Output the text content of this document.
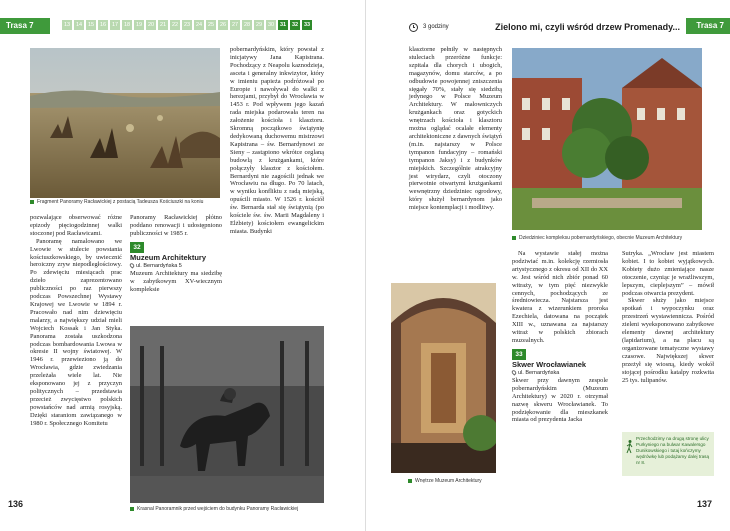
Trasa 7	13	14	15	16	17	18	19	20	21	22	23	24	25	26	27	28	29	30	31	32	33
Fragment Panoramy Racławickiej z postacią Tadeusza Kościuszki na koniu

pozwalające obserwować różne epizody pięciogodzinnej walki stoczonej pod Racławicami.

Panoramę namalowano we Lwowie w stulecie powstania kościuszkowskiego, by uwiecznić heroiczny zryw niepodległościowy. Po zdewięciu miesiącach prac dzieło zaprezentowano publiczności po raz pierwszy podczas Powszechnej Wystawy Krajowej we Lwowie w 1894 r. Pracowało nad nim dziewięciu malarzy, a największy udział mieli Wojciech Kossak i Jan Styka. Panorama została uszkodzona podczas bombardowania Lwowa w okresie II wojny światowej. W 1946 r. przewieziono ją do Wrocławia, gdzie zwiedzania przeleżała wiele lat. Nie eksponowano jej z przyczyn politycznych – przedstawia przecież zwycięstwo polskich powstańców nad armią rosyjską. Dzięki staraniom zawiązanego w 1980 r. Społecznego Komitetu

Panoramy Racławickiej płótno poddano renowacji i udostępniono publiczności w 1985 r.

32
Muzeum Architektury
ul. Bernardyńska 5

Muzeum Architektury ma siedzibę w zabytkowym XV-wiecznym kompleksie

pobernardyńskim, który powstał z inicjatywy Jana Kapistrana. Pochodzący z Neapolu kaznodzieja, asceta i generalny inkwizytor, który w imieniu papieża podróżował po Europie i nawoływał do walki z herezjami, przybył do Wrocławia w 1453 r. Pod wpływem jego kazań rada miejska podarowała teren na założenie kościoła i klasztoru. Skromną początkowo świątynię dedykowaną duchowemu mistrzowi Kapistrana – św. Bernardynowi ze Sieny – zastąpiono wkrótce ceglaną budowlą z krużgankami, które połączyły klasztor z kościołem. Bernardyni nie zagościli jednak we Wrocławiu na długo. Po 70 latach, w wyniku konfliktu z radą miejską, opuścili miasto. W 1526 r. kościół św. Bernarda stał się świątynią (po kościele św. św. Marii Magdaleny i Elżbiety) kościołem ewangelickim miasta. Budynki

Krasnal Panoramnik przed wejściem do budynku Panoramy Racławickiej
136
3 godziny	Zielono mi, czyli wśród drzew Promenady...	Trasa 7

klasztorne pełniły w następnych stuleciach przeróżne funkcje: szpitala dla chorych i ubogich, magazynów, domu starców, a po odbudowie powojennej zniszczenia sięgały 70%, stały się siedzibą jedynego w Polsce Muzeum Architektury. W malowniczych krużgankach oraz gotyckich wnętrzach kościoła i klasztoru można oglądać ocalałe elementy architektoniczne z dawnych świątyń (m.in. najstarszy w Polsce tympanon fundacyjny – romański tympanon Jaksy) i z budynków miejskich. Szczególnie atrakcyjny jest wirydarz, czyli otoczony pierwotnie otwartymi krużgankami wewnętrzny dziedziniec ogrodowy, który służył bernardynom jako miejsce kontemplacji i modlitwy.

Dziedziniec kompleksu pobernardyńskiego, obecnie Muzeum Architektury

Na wystawie stałej można podziwiać m.in. kolekcję rzemiosła artystycznego z okresu od XII do XX w. Jest wśród nich zbiór ponad 60 witraży, w tym pięć niezwykle cennych, pochodzących ze średniowiecza. Najstarsza jest kwatera z wizerunkiem proroka Ezechiela, datowana na początek XIII w., uznawana za najstarszy witraż w polskich zbiorach muzealnych.

33
Skwer Wrocławianek
ul. Bernardyńska

Skwer przy dawnym zespole pobernardyńskim (Muzeum Architektury) w 2020 r. otrzymał nazwę skweru Wrocławianek. To podziękowanie dla mieszkanek miasta od prezydenta Jacka

Wnętrze Muzeum Architektury

Sutryka. „Wrocław jest miastem kobiet. I to kobiet wyjątkowych. Kobiety dużo zmieniające nasze otoczenie, czyniąc je wrażliwszym, lepszym, cieplejszym” – mówił podczas otwarcia prezydent.

Skwer służy jako miejsce spotkań i wypoczynku oraz przestrzeń wystawiennicza. Pośród zieleni wyeksponowano zabytkowe elementy dawnej architektury (lapidarium), a na placu są organizowane tematyczne wystawy czasowe. Największej skwer przeżył się wiosną, kiedy wokół stojącej pośrodku katalpy rozkwita 25 tys. tulipanów.

Przechodzimy na drugą stronę ulicy Purkyniego na bulwar Kawalersgo Dunikowskiego i tutaj kończymy wędrówkę lub podążamy dalej trasą nr 8.
137
